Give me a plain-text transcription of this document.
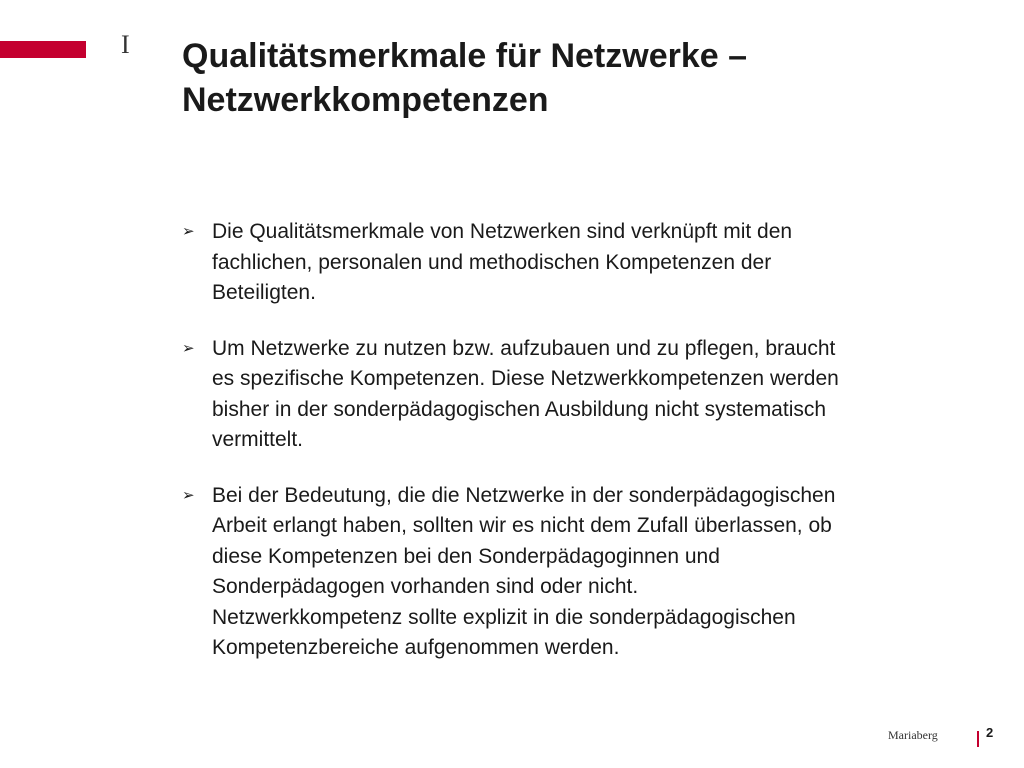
I Qualitätsmerkmale für Netzwerke –
Netzwerkkompetenzen
➢ Die Qualitätsmerkmale von Netzwerken sind verknüpft mit den
fachlichen, personalen und methodischen Kompetenzen der
Beteiligten.
➢ Um Netzwerke zu nutzen bzw. aufzubauen und zu pflegen, braucht
es spezifische Kompetenzen. Diese Netzwerkkompetenzen werden
bisher in der sonderpädagogischen Ausbildung nicht systematisch
vermittelt.
➢ Bei der Bedeutung, die die Netzwerke in der sonderpädagogischen
Arbeit erlangt haben, sollten wir es nicht dem Zufall überlassen, ob
diese Kompetenzen bei den Sonderpädagoginnen und
Sonderpädagogen vorhanden sind oder nicht.
Netzwerkkompetenz sollte explizit in die sonderpädagogischen
Kompetenzbereiche aufgenommen werden.
Mariaberg	2
